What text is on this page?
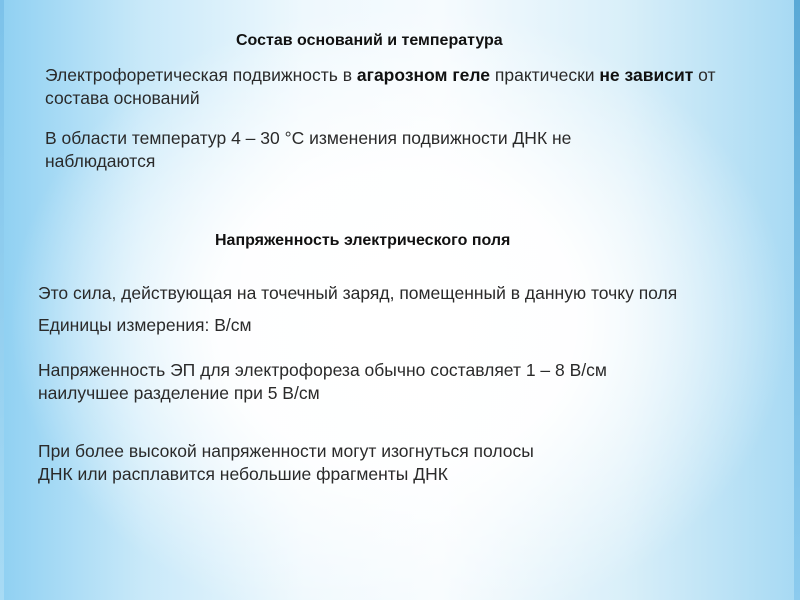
Состав оснований и температура

Электрофоретическая подвижность в агарозном геле практически не зависит от состава оснований

В области температур 4 – 30 °С изменения подвижности ДНК не наблюдаются

Напряженность электрического поля

Это сила, действующая на точечный заряд, помещенный в данную точку поля

Единицы измерения: В/см

Напряженность ЭП для электрофореза обычно составляет 1 – 8 В/см

наилучшее разделение при 5 В/см

При более высокой напряженности могут изогнуться полосы ДНК или расплавится небольшие фрагменты ДНК
